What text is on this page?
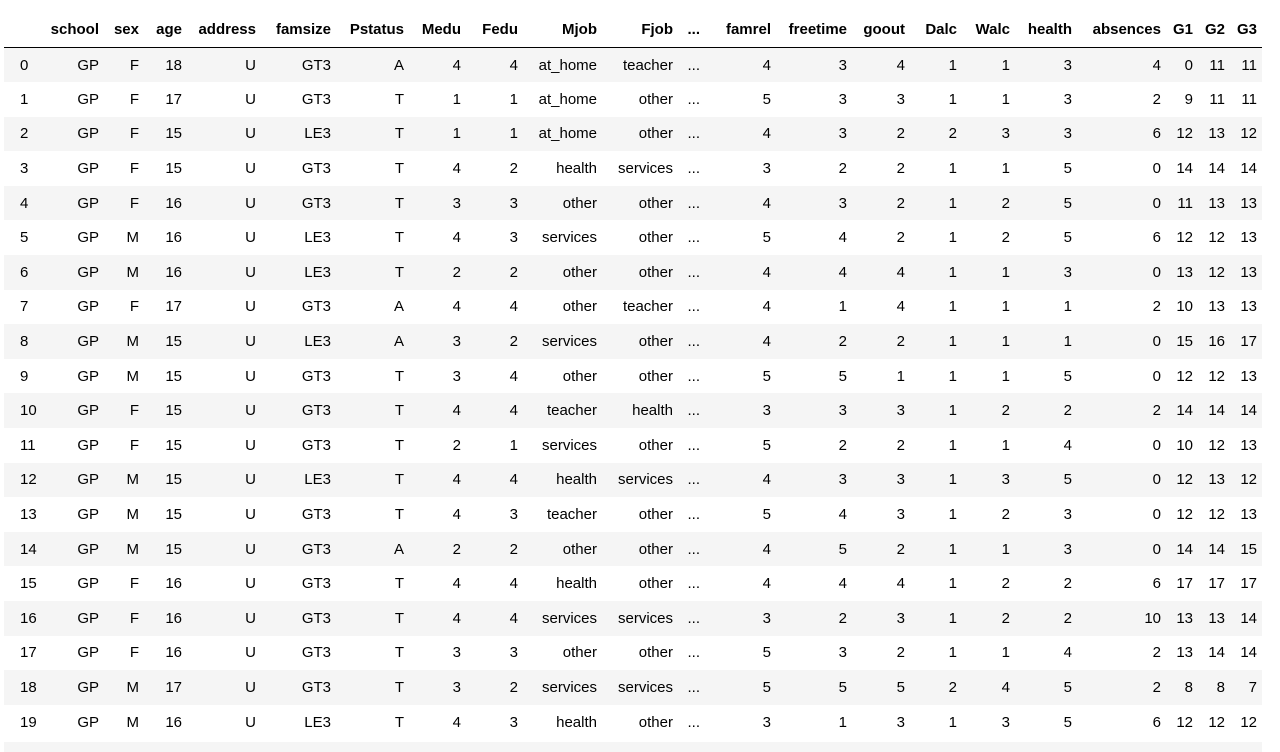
	school	sex	age	address	famsize	Pstatus	Medu	Fedu	Mjob	Fjob	...	famrel	freetime	goout	Dalc	Walc	health	absences	G1	G2	G3
0	GP	F	18	U	GT3	A	4	4	at_home	teacher	...	4	3	4	1	1	3	4	0	11	11
1	GP	F	17	U	GT3	T	1	1	at_home	other	...	5	3	3	1	1	3	2	9	11	11
2	GP	F	15	U	LE3	T	1	1	at_home	other	...	4	3	2	2	3	3	6	12	13	12
3	GP	F	15	U	GT3	T	4	2	health	services	...	3	2	2	1	1	5	0	14	14	14
4	GP	F	16	U	GT3	T	3	3	other	other	...	4	3	2	1	2	5	0	11	13	13
5	GP	M	16	U	LE3	T	4	3	services	other	...	5	4	2	1	2	5	6	12	12	13
6	GP	M	16	U	LE3	T	2	2	other	other	...	4	4	4	1	1	3	0	13	12	13
7	GP	F	17	U	GT3	A	4	4	other	teacher	...	4	1	4	1	1	1	2	10	13	13
8	GP	M	15	U	LE3	A	3	2	services	other	...	4	2	2	1	1	1	0	15	16	17
9	GP	M	15	U	GT3	T	3	4	other	other	...	5	5	1	1	1	5	0	12	12	13
10	GP	F	15	U	GT3	T	4	4	teacher	health	...	3	3	3	1	2	2	2	14	14	14
11	GP	F	15	U	GT3	T	2	1	services	other	...	5	2	2	1	1	4	0	10	12	13
12	GP	M	15	U	LE3	T	4	4	health	services	...	4	3	3	1	3	5	0	12	13	12
13	GP	M	15	U	GT3	T	4	3	teacher	other	...	5	4	3	1	2	3	0	12	12	13
14	GP	M	15	U	GT3	A	2	2	other	other	...	4	5	2	1	1	3	0	14	14	15
15	GP	F	16	U	GT3	T	4	4	health	other	...	4	4	4	1	2	2	6	17	17	17
16	GP	F	16	U	GT3	T	4	4	services	services	...	3	2	3	1	2	2	10	13	13	14
17	GP	F	16	U	GT3	T	3	3	other	other	...	5	3	2	1	1	4	2	13	14	14
18	GP	M	17	U	GT3	T	3	2	services	services	...	5	5	5	2	4	5	2	8	8	7
19	GP	M	16	U	LE3	T	4	3	health	other	...	3	1	3	1	3	5	6	12	12	12
